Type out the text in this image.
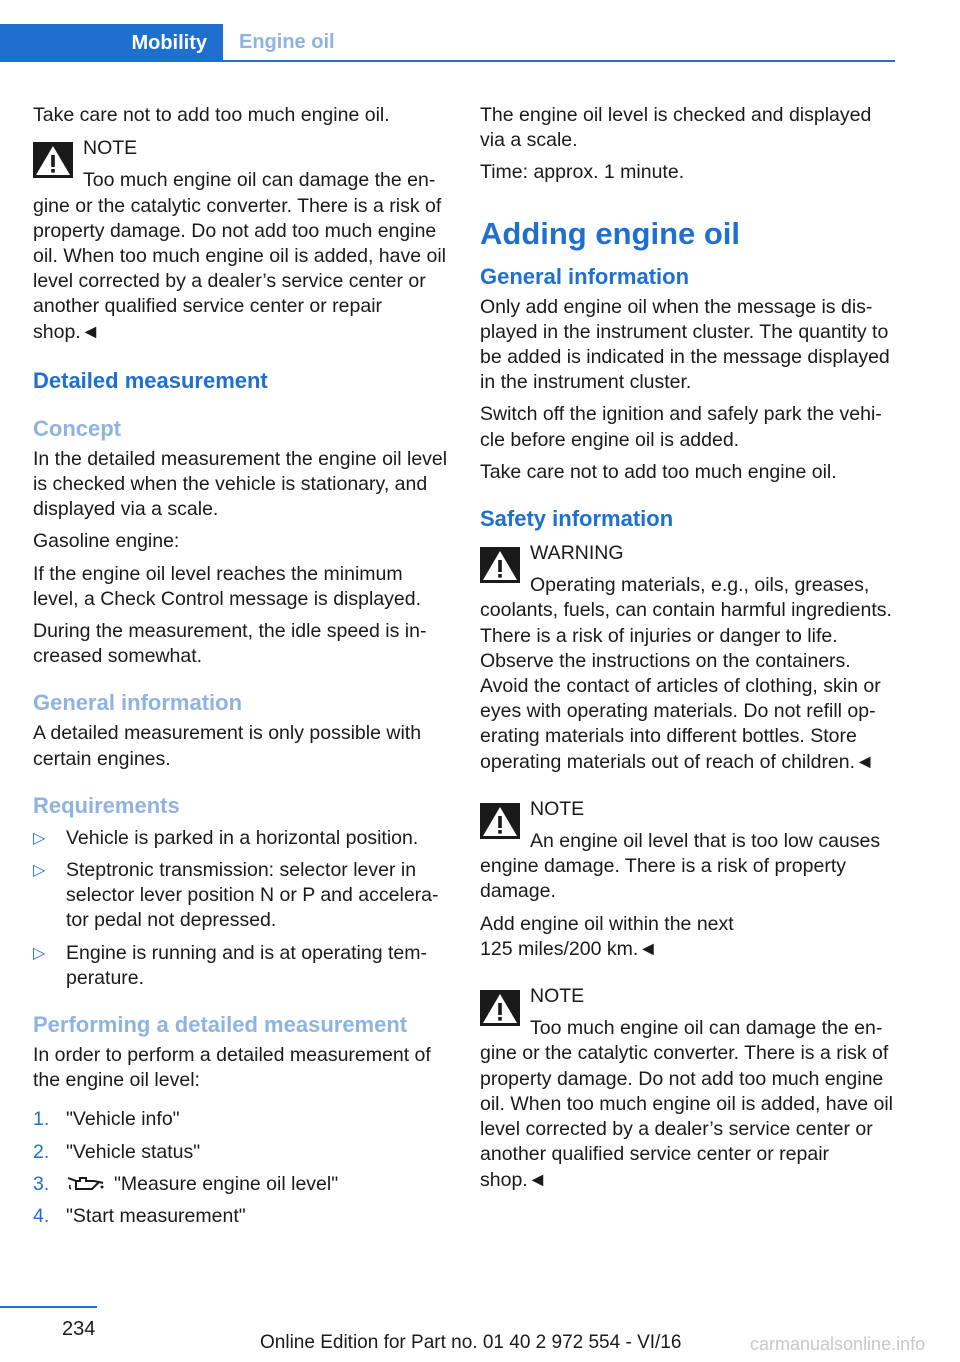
Mobility	Engine oil

Take care not to add too much engine oil.

NOTE

Too much engine oil can damage the engine or the catalytic converter. There is a risk of property damage. Do not add too much engine oil. When too much engine oil is added, have oil level corrected by a dealer’s service center or another qualified service center or repair shop.◄

Detailed measurement
Concept

In the detailed measurement the engine oil level is checked when the vehicle is stationary, and displayed via a scale.

Gasoline engine:

If the engine oil level reaches the minimum level, a Check Control message is displayed.

During the measurement, the idle speed is increased somewhat.

General information

A detailed measurement is only possible with certain engines.

Requirements
▷ Vehicle is parked in a horizontal position.
▷ Steptronic transmission: selector lever in selector lever position N or P and accelerator pedal not depressed.
▷ Engine is running and is at operating temperature.
Performing a detailed measurement

In order to perform a detailed measurement of the engine oil level:

1. "Vehicle info"
2. "Vehicle status"
3.	"Measure engine oil level"
4. "Start measurement"

The engine oil level is checked and displayed via a scale.

Time: approx. 1 minute.

Adding engine oil
General information

Only add engine oil when the message is displayed in the instrument cluster. The quantity to be added is indicated in the message displayed in the instrument cluster.

Switch off the ignition and safely park the vehicle before engine oil is added.

Take care not to add too much engine oil.

Safety information
WARNING

Operating materials, e.g., oils, greases, coolants, fuels, can contain harmful ingredients. There is a risk of injuries or danger to life. Observe the instructions on the containers. Avoid the contact of articles of clothing, skin or eyes with operating materials. Do not refill operating materials into different bottles. Store operating materials out of reach of children.◄

NOTE

An engine oil level that is too low causes engine damage. There is a risk of property damage.

Add engine oil within the next 125 miles/200 km.◄

NOTE

Too much engine oil can damage the engine or the catalytic converter. There is a risk of property damage. Do not add too much engine oil. When too much engine oil is added, have oil level corrected by a dealer’s service center or another qualified service center or repair shop.◄

234
Online Edition for Part no. 01 40 2 972 554 - VI/16	carmanualsonline.info
